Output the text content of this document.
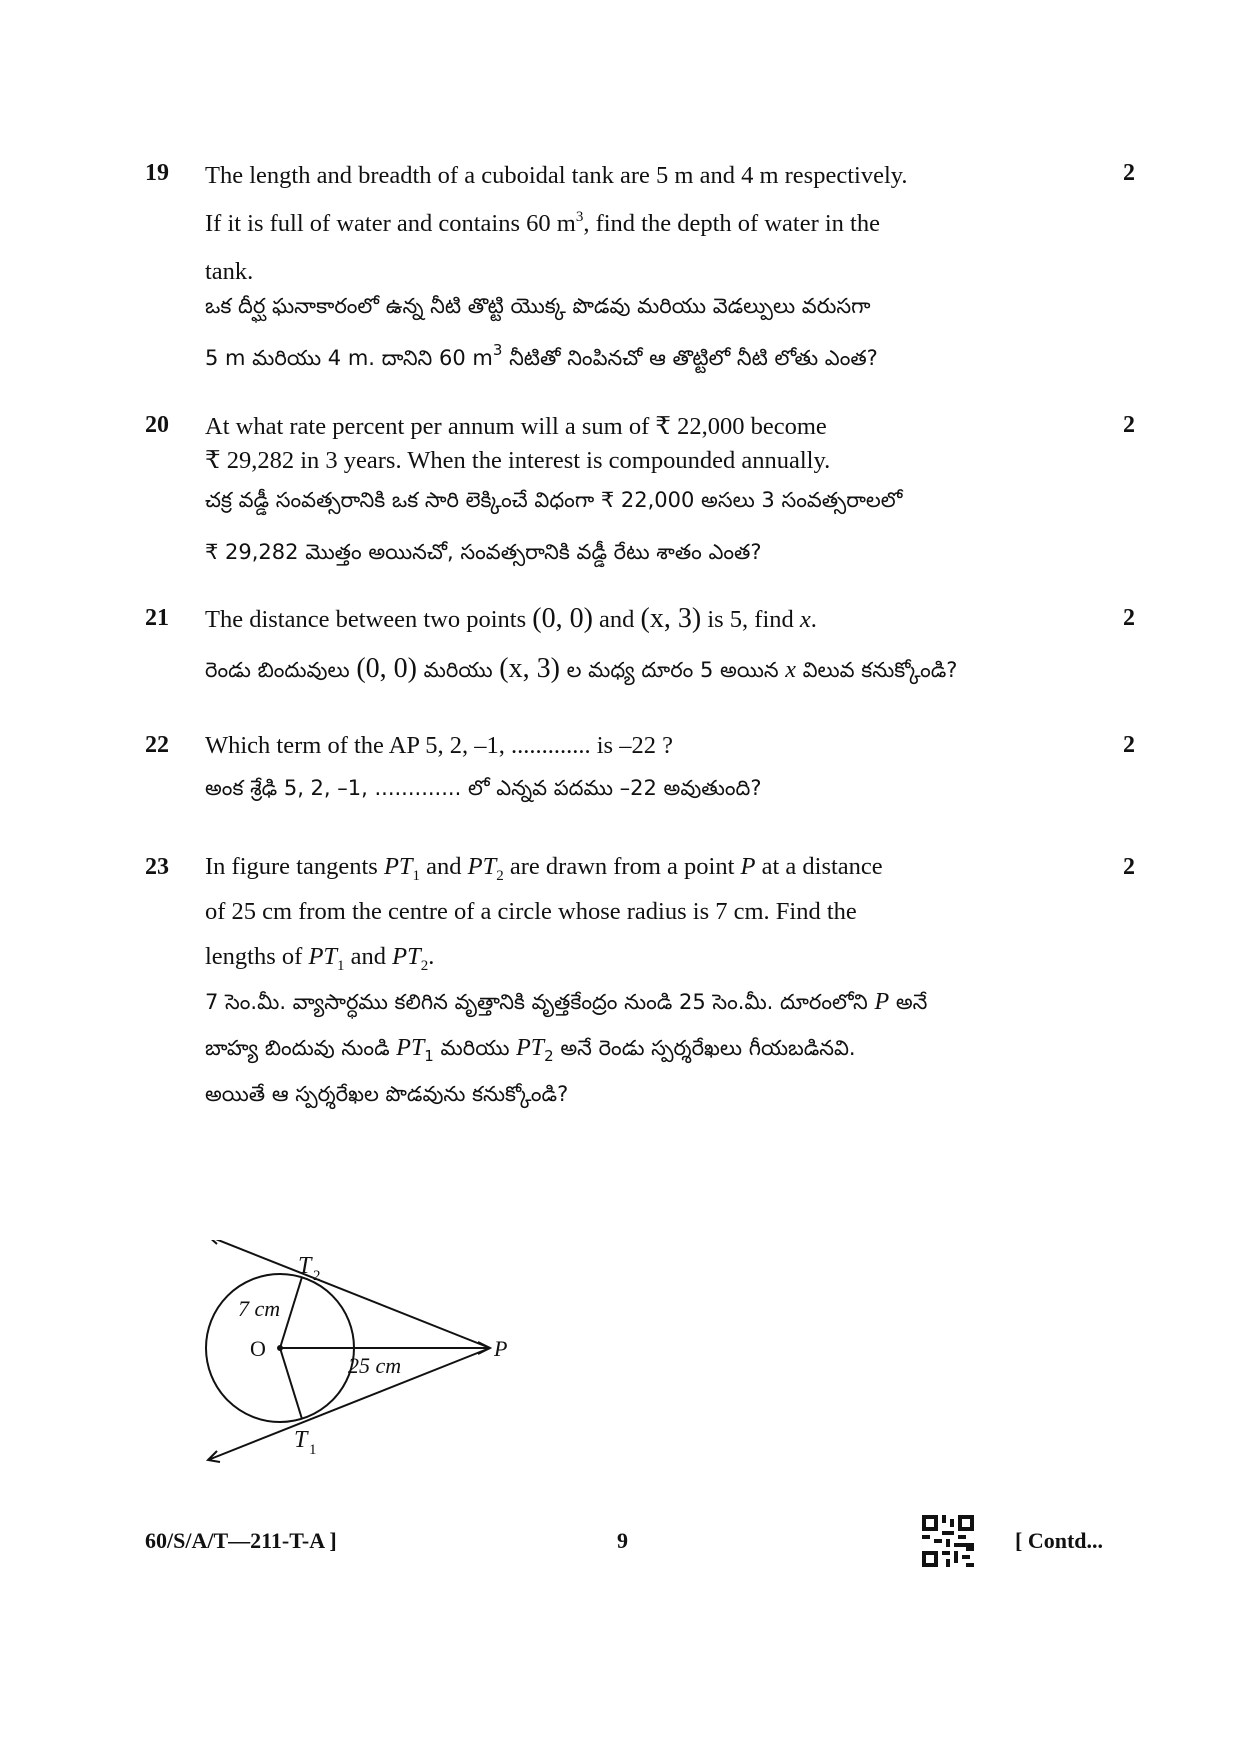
19	2
The length and breadth of a cuboidal tank are 5 m and 4 m respectively.
If it is full of water and contains 60 $m^3$, find the depth of water in the
tank.
ఒక దీర్ఘ ఘనాకారంలో ఉన్న నీటి తొట్టి యొక్క పొడవు మరియు వెడల్పులు వరుసగా
5 m మరియు 4 m. దానిని 60 $m^3$ నీటితో నింపినచో ఆ తొట్టిలో నీటి లోతు ఎంత?
20	2
At what rate percent per annum will a sum of ₹ 22,000 become
₹ 29,282 in 3 years. When the interest is compounded annually.
చక్ర వడ్డీ సంవత్సరానికి ఒక సారి లెక్కించే విధంగా ₹ 22,000 అసలు 3 సంవత్సరాలలో
₹ 29,282 మొత్తం అయినచో, సంవత్సరానికి వడ్డీ రేటు శాతం ఎంత?
21	2
The distance between two points (0, 0) and (x, 3) is 5, find x.
రెండు బిందువులు (0, 0) మరియు (x, 3) ల మధ్య దూరం 5 అయిన x విలువ కనుక్కోండి?
22	2
Which term of the AP 5, 2, –1, ............. is –22 ?
అంక శ్రేఢి 5, 2, –1, ............. లో ఎన్నవ పదము –22 అవుతుంది?
23	2
In figure tangents $PT_1$ and $PT_2$ are drawn from a point P at a distance
of 25 cm from the centre of a circle whose radius is 7 cm. Find the
lengths of $PT_1$ and $PT_2$.
7 సెం.మీ. వ్యాసార్ధము కలిగిన వృత్తానికి వృత్తకేంద్రం నుండి 25 సెం.మీ. దూరంలోని P అనే
బాహ్య బిందువు నుండి $PT_1$ మరియు $PT_2$ అనే రెండు స్పర్శరేఖలు గీయబడినవి.
అయితే ఆ స్పర్శరేఖల పొడవును కనుక్కోండి?
T 2
7 cm
O
25 cm
P
T 1
60/S/A/T—211-T-A ]	9	[ Contd...
